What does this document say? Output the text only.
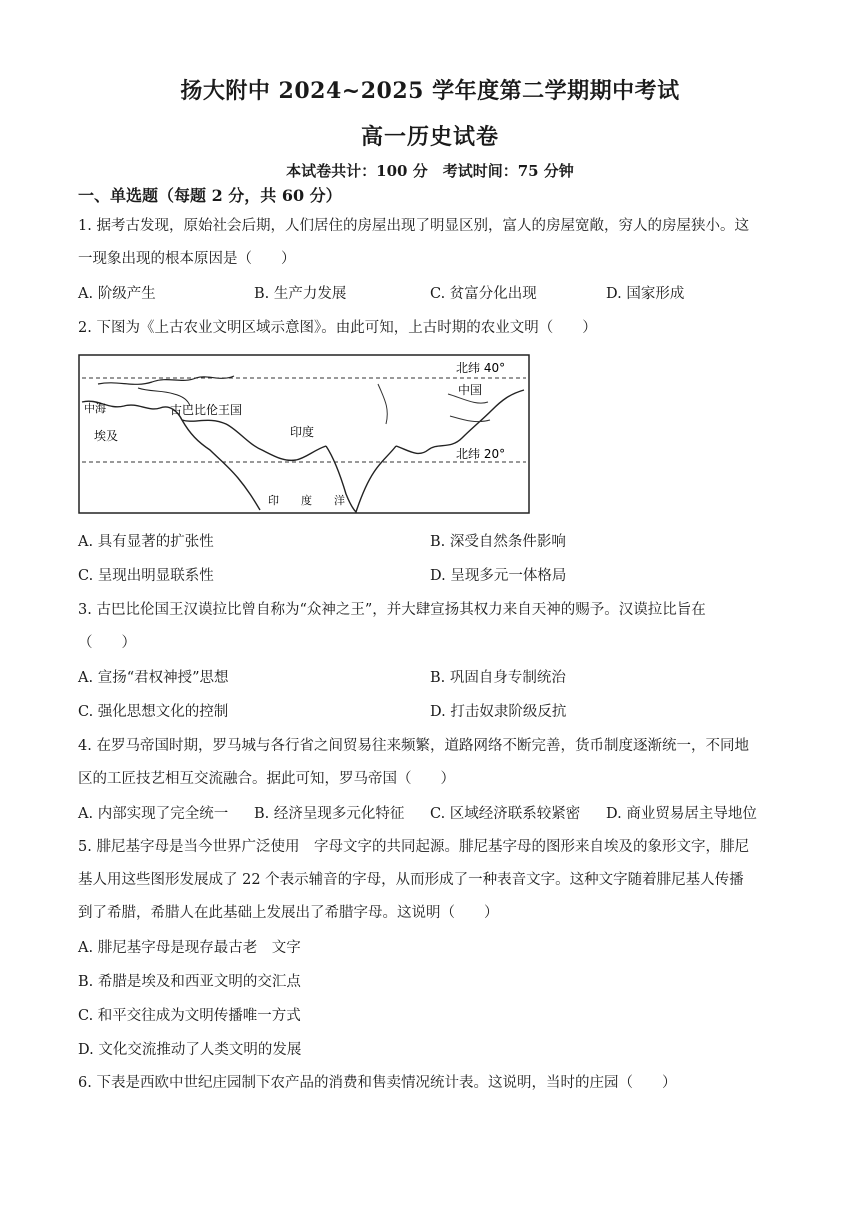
扬大附中 2024~2025 学年度第二学期期中考试
高一历史试卷
本试卷共计：100 分　考试时间：75 分钟
一、单选题（每题 2 分，共 60 分）
1. 据考古发现，原始社会后期，人们居住的房屋出现了明显区别，富人的房屋宽敞，穷人的房屋狭小。这
一现象出现的根本原因是（　　）
A. 阶级产生	B. 生产力发展	C. 贫富分化出现	D. 国家形成
2. 下图为《上古农业文明区域示意图》。由此可知，上古时期的农业文明（　　）
北纬 40°
北纬 20°
中国
古巴比伦王国
印度
埃及
中海
印　　度　　洋
A. 具有显著的扩张性	B. 深受自然条件影响
C. 呈现出明显联系性	D. 呈现多元一体格局
3. 古巴比伦国王汉谟拉比曾自称为“众神之王”，并大肆宣扬其权力来自天神的赐予。汉谟拉比旨在
（　　）
A. 宣扬“君权神授”思想	B. 巩固自身专制统治
C. 强化思想文化的控制	D. 打击奴隶阶级反抗
4. 在罗马帝国时期，罗马城与各行省之间贸易往来频繁，道路网络不断完善，货币制度逐渐统一，不同地
区的工匠技艺相互交流融合。据此可知，罗马帝国（　　）
A. 内部实现了完全统一 B. 经济呈现多元化特征 C. 区域经济联系较紧密 D. 商业贸易居主导地位
5. 腓尼基字母是当今世界广泛使用　字母文字的共同起源。腓尼基字母的图形来自埃及的象形文字，腓尼
基人用这些图形发展成了 22 个表示辅音的字母，从而形成了一种表音文字。这种文字随着腓尼基人传播
到了希腊，希腊人在此基础上发展出了希腊字母。这说明（　　）
A. 腓尼基字母是现存最古老　文字
B. 希腊是埃及和西亚文明的交汇点
C. 和平交往成为文明传播唯一方式
D. 文化交流推动了人类文明的发展
6. 下表是西欧中世纪庄园制下农产品的消费和售卖情况统计表。这说明，当时的庄园（　　）
